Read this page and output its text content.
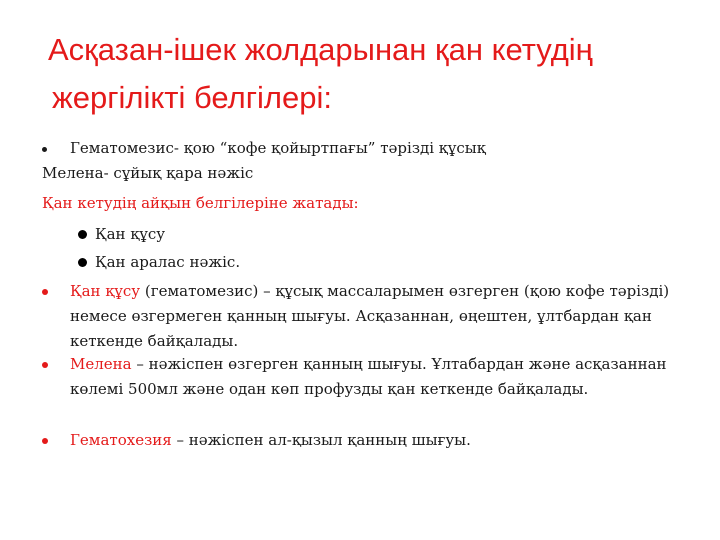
Асқазан-ішек жолдарынан қан кетудің
жергілікті белгілері:
Гематомезис- қою “кофе қойыртпағы” тәрізді құсық
Мелена- сұйық қара нәжіс
Қан кетудің айқын белгілеріне жатады:
Қан құсу
Қан аралас нәжіс.
Қан құсу (гематомезис) – құсық массаларымен өзгерген (қою кофе тәрізді) немесе өзгермеген қанның шығуы. Асқазаннан, өңештен, ұлтбардан қан кеткенде байқалады.
Мелена – нәжіспен өзгерген қанның шығуы. Ұлтабардан және асқазаннан көлемі 500мл және одан көп профузды қан кеткенде байқалады.
Гематохезия – нәжіспен ал-қызыл қанның шығуы.
